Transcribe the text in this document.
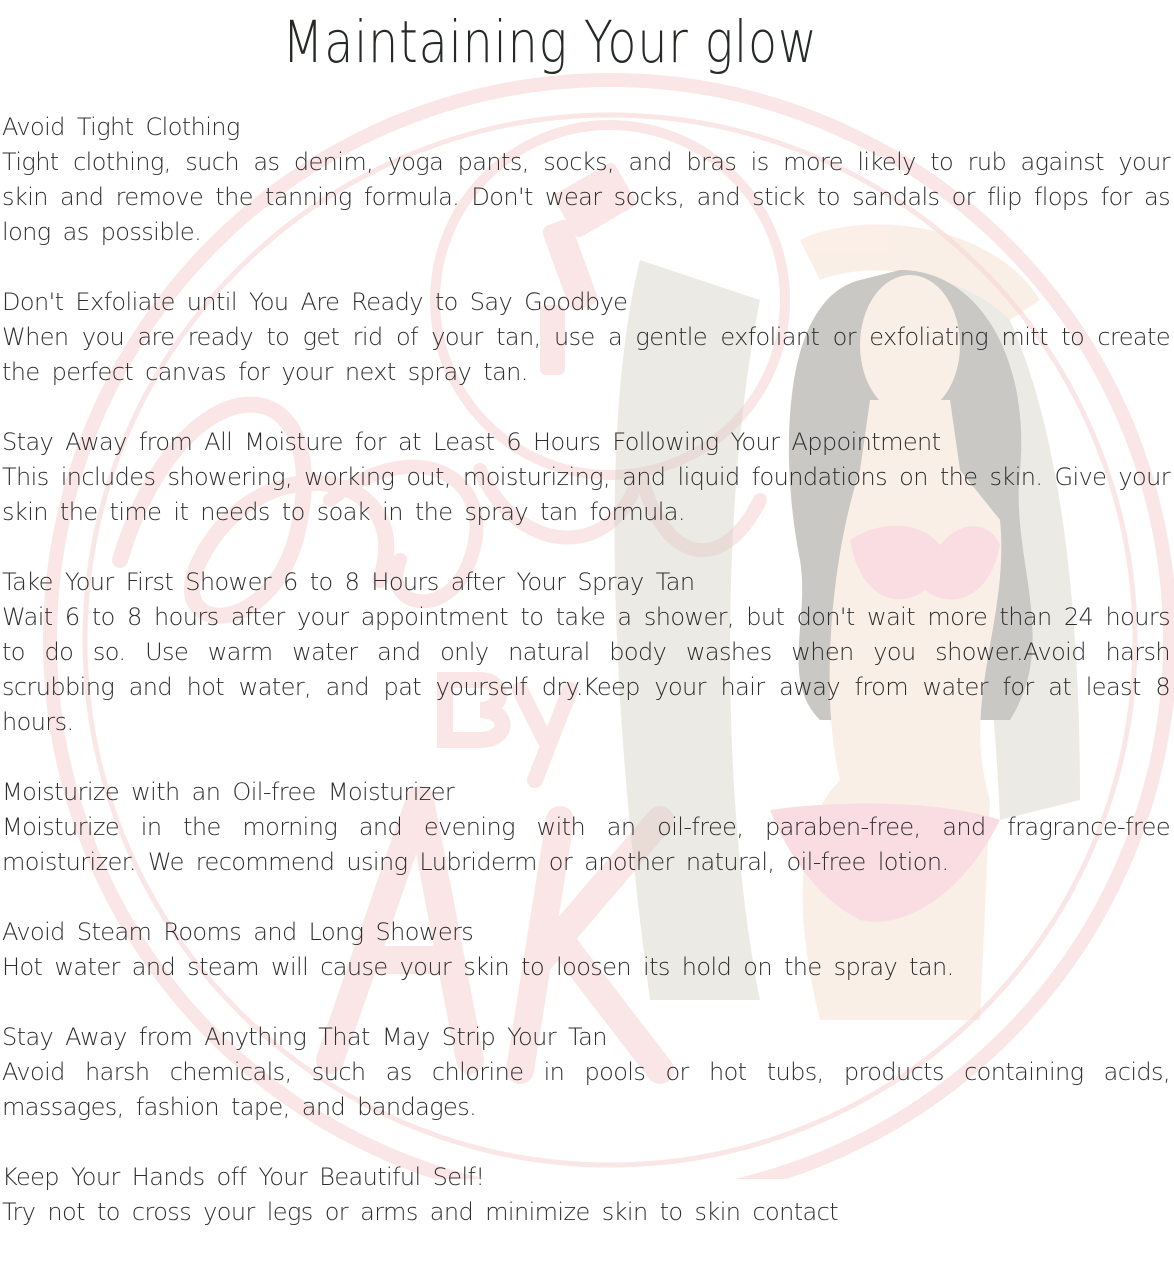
Maintaining Your glow
Avoid Tight Clothing
Tight clothing, such as denim, yoga pants, socks, and bras is more likely to rub against your skin and remove the tanning formula. Don't wear socks, and stick to sandals or flip flops for as long as possible.
Don't Exfoliate until You Are Ready to Say Goodbye
When you are ready to get rid of your tan, use a gentle exfoliant or exfoliating mitt to create the perfect canvas for your next spray tan.
Stay Away from All Moisture for at Least 6 Hours Following Your Appointment
This includes showering, working out, moisturizing, and liquid foundations on the skin. Give your skin the time it needs to soak in the spray tan formula.
Take Your First Shower 6 to 8 Hours after Your Spray Tan
Wait 6 to 8 hours after your appointment to take a shower, but don't wait more than 24 hours to do so. Use warm water and only natural body washes when you shower.Avoid harsh scrubbing and hot water, and pat yourself dry.Keep your hair away from water for at least 8 hours.
Moisturize with an Oil-free Moisturizer
Moisturize in the morning and evening with an oil-free, paraben-free, and fragrance-free moisturizer. We recommend using Lubriderm or another natural, oil-free lotion.
Avoid Steam Rooms and Long Showers
Hot water and steam will cause your skin to loosen its hold on the spray tan.
Stay Away from Anything That May Strip Your Tan
Avoid harsh chemicals, such as chlorine in pools or hot tubs, products containing acids, massages, fashion tape, and bandages.
Keep Your Hands off Your Beautiful Self!
Try not to cross your legs or arms and minimize skin to skin contact
